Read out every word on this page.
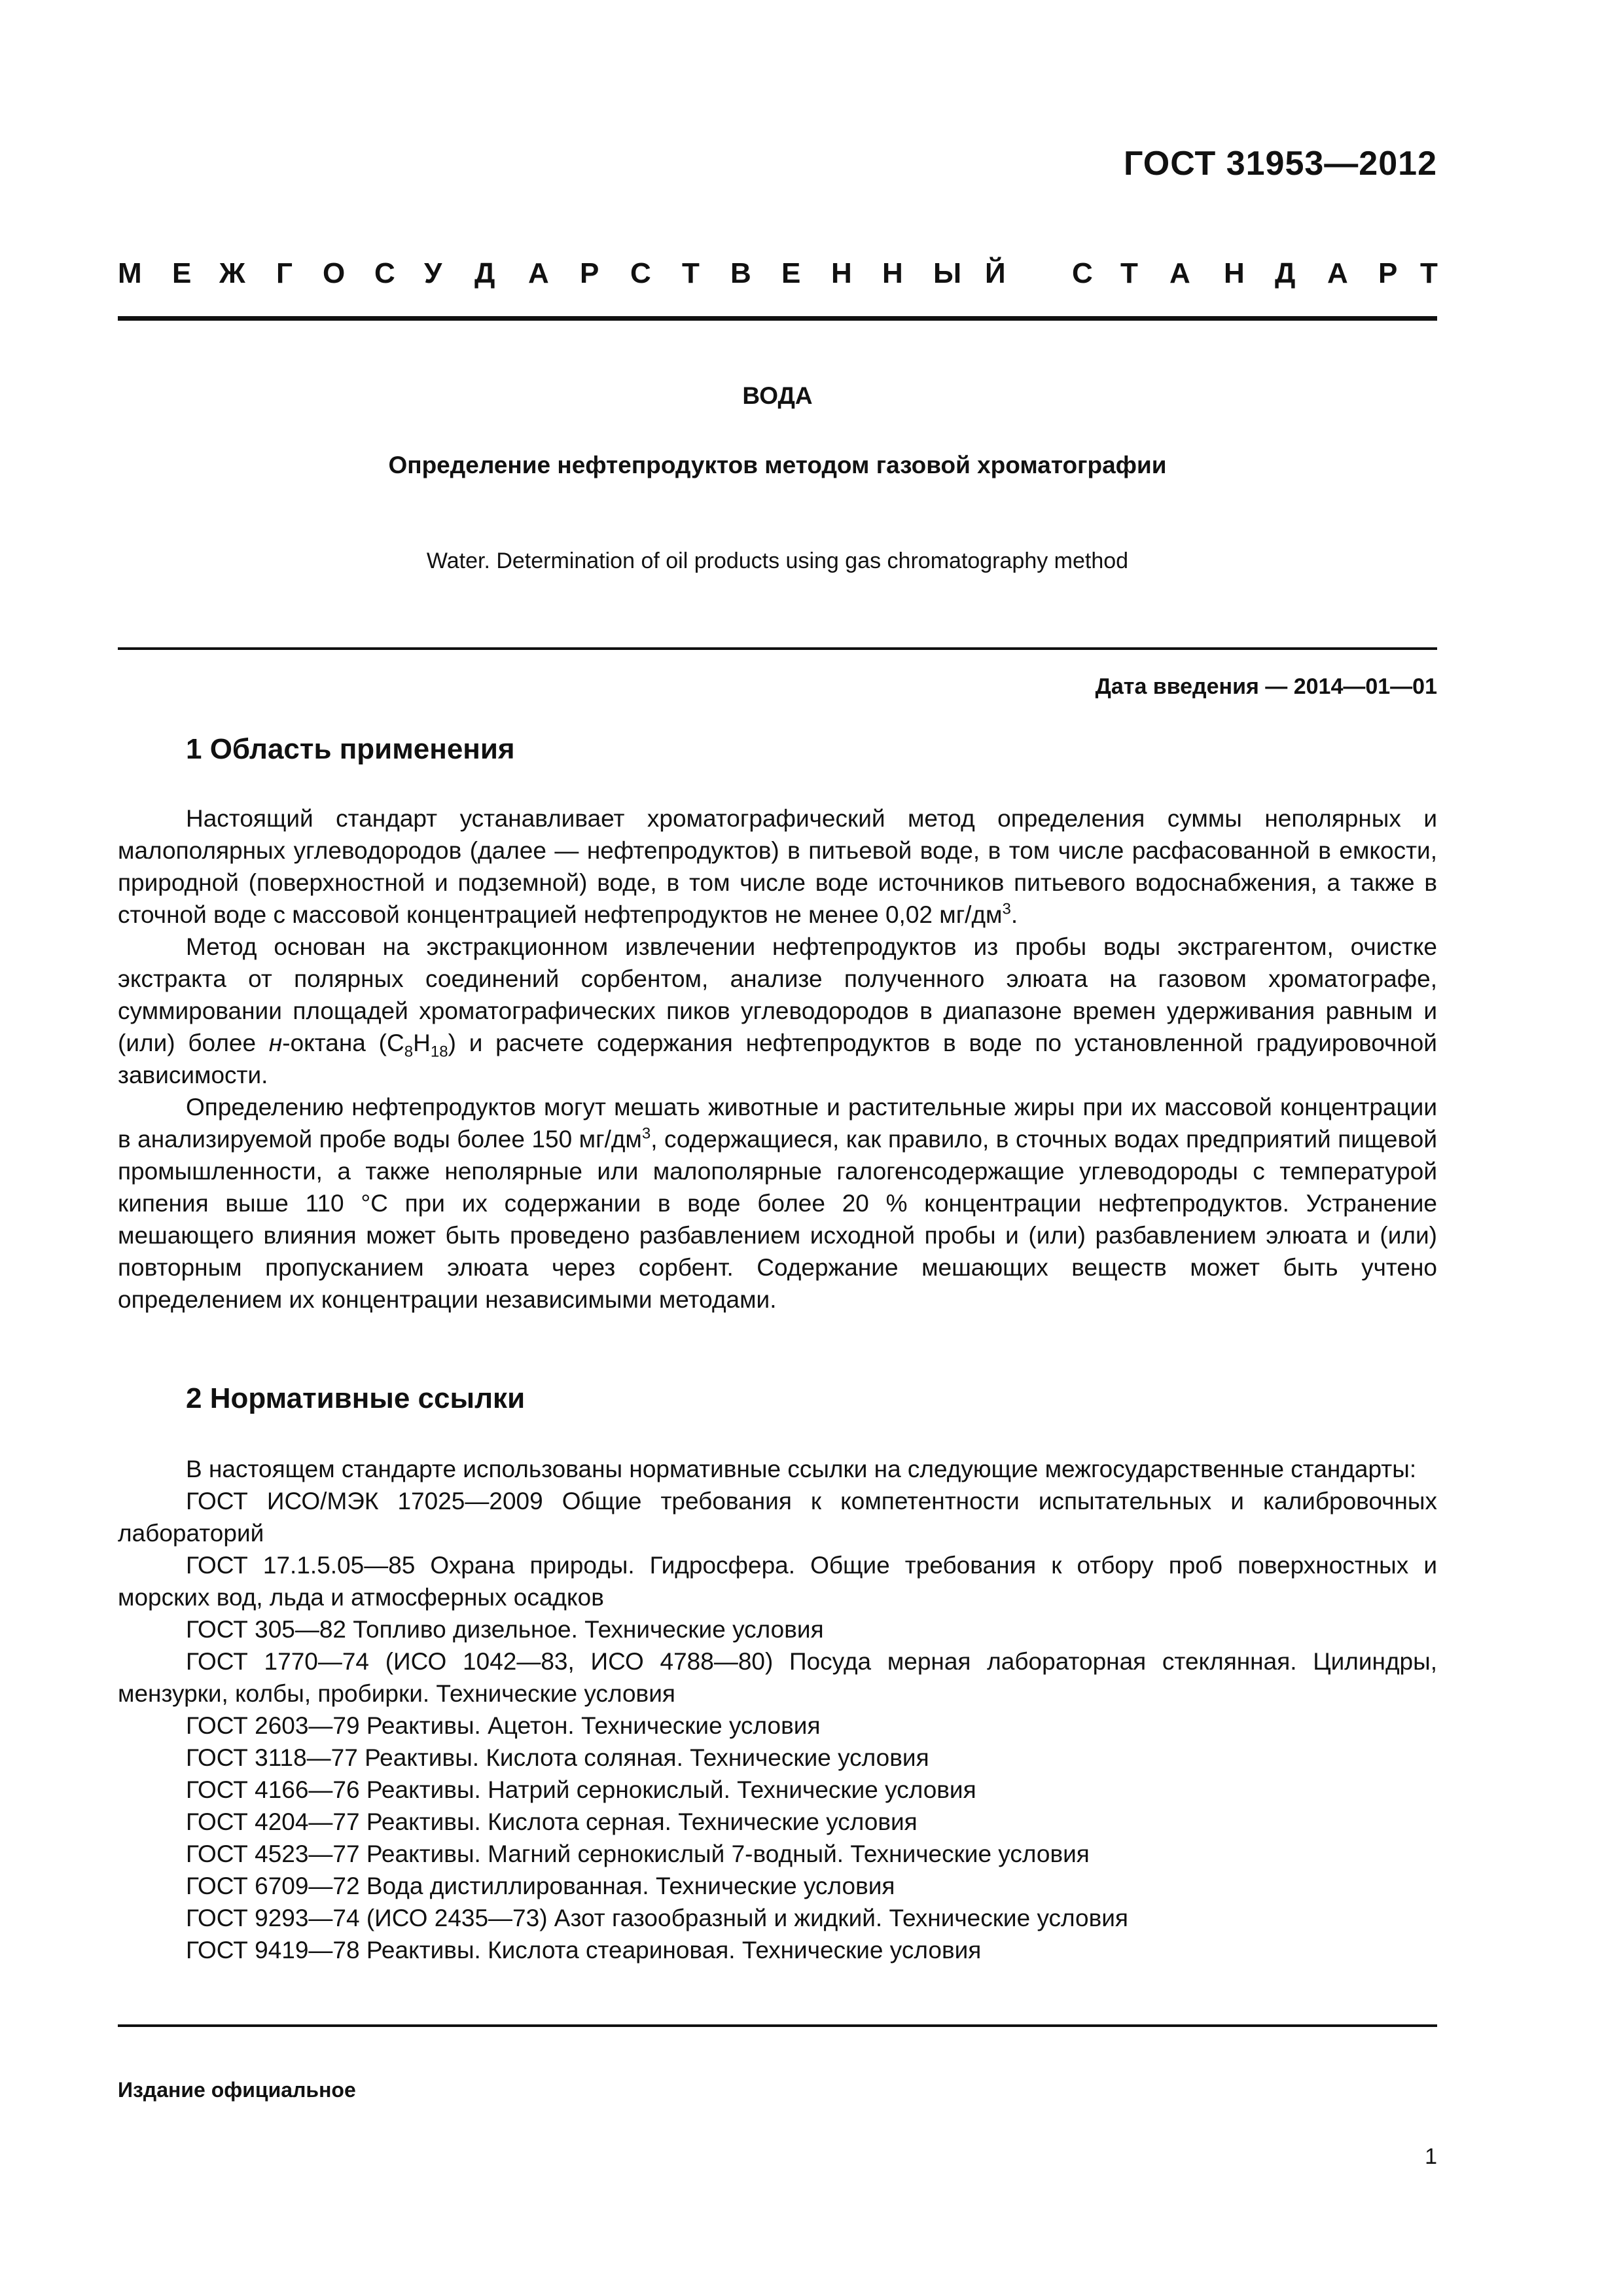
ГОСТ 31953—2012
М Е Ж Г О С У Д А Р С Т В Е Н Н Ы Й С Т А Н Д А Р Т
ВОДА
Определение нефтепродуктов методом газовой хроматографии
Water. Determination of oil products using gas chromatography method
Дата введения — 2014—01—01
1 Область применения

Настоящий стандарт устанавливает хроматографический метод определения суммы неполярных и малополярных углеводородов (далее — нефтепродуктов) в питьевой воде, в том числе расфасованной в емкости, природной (поверхностной и подземной) воде, в том числе воде источников питьевого водоснабжения, а также в сточной воде с массовой концентрацией нефтепродуктов не менее 0,02 $мг/дм^3$.

Метод основан на экстракционном извлечении нефтепродуктов из пробы воды экстрагентом, очистке экстракта от полярных соединений сорбентом, анализе полученного элюата на газовом хроматографе, суммировании площадей хроматографических пиков углеводородов в диапазоне времен удерживания равным и (или) более н-октана $(C_8H_{18})$ и расчете содержания нефтепродуктов в воде по установленной градуировочной зависимости.

Определению нефтепродуктов могут мешать животные и растительные жиры при их массовой концентрации в анализируемой пробе воды более 150 $мг/дм^3$, содержащиеся, как правило, в сточных водах предприятий пищевой промышленности, а также неполярные или малополярные галогенсодержащие углеводороды с температурой кипения выше 110 °С при их содержании в воде более 20 % концентрации нефтепродуктов. Устранение мешающего влияния может быть проведено разбавлением исходной пробы и (или) разбавлением элюата и (или) повторным пропусканием элюата через сорбент. Содержание мешающих веществ может быть учтено определением их концентрации независимыми методами.

2 Нормативные ссылки

В настоящем стандарте использованы нормативные ссылки на следующие межгосударственные стандарты:

ГОСТ ИСО/МЭК 17025—2009 Общие требования к компетентности испытательных и калибровочных лабораторий

ГОСТ 17.1.5.05—85 Охрана природы. Гидросфера. Общие требования к отбору проб поверхностных и морских вод, льда и атмосферных осадков

ГОСТ 305—82 Топливо дизельное. Технические условия

ГОСТ 1770—74 (ИСО 1042—83, ИСО 4788—80) Посуда мерная лабораторная стеклянная. Цилиндры, мензурки, колбы, пробирки. Технические условия

ГОСТ 2603—79 Реактивы. Ацетон. Технические условия

ГОСТ 3118—77 Реактивы. Кислота соляная. Технические условия

ГОСТ 4166—76 Реактивы. Натрий сернокислый. Технические условия

ГОСТ 4204—77 Реактивы. Кислота серная. Технические условия

ГОСТ 4523—77 Реактивы. Магний сернокислый 7-водный. Технические условия

ГОСТ 6709—72 Вода дистиллированная. Технические условия

ГОСТ 9293—74 (ИСО 2435—73) Азот газообразный и жидкий. Технические условия

ГОСТ 9419—78 Реактивы. Кислота стеариновая. Технические условия

Издание официальное
1
